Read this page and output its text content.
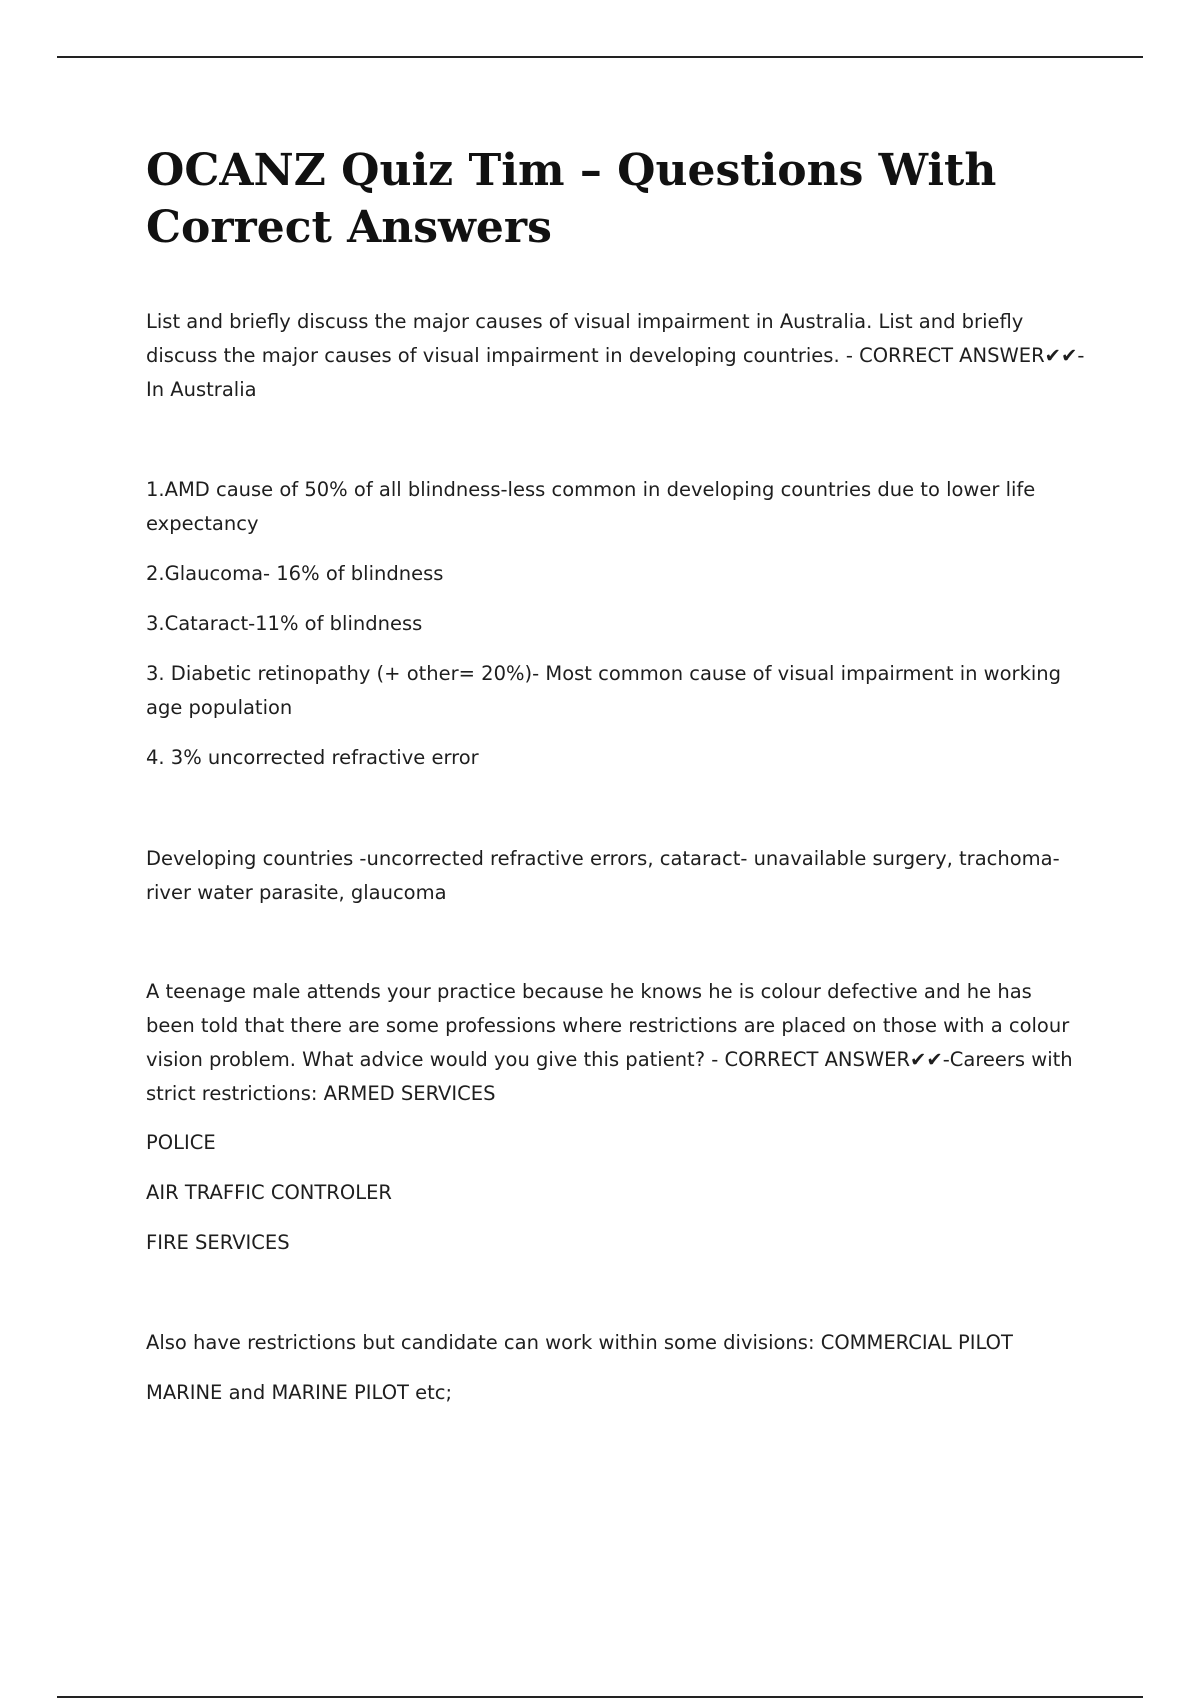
OCANZ Quiz Tim – Questions With Correct Answers

List and briefly discuss the major causes of visual impairment in Australia. List and briefly discuss the major causes of visual impairment in developing countries. - CORRECT ANSWER✔✔-In Australia

1.AMD cause of 50% of all blindness-less common in developing countries due to lower life expectancy

2.Glaucoma- 16% of blindness

3.Cataract-11% of blindness

3. Diabetic retinopathy (+ other= 20%)- Most common cause of visual impairment in working age population

4. 3% uncorrected refractive error

Developing countries -uncorrected refractive errors, cataract- unavailable surgery, trachoma-river water parasite, glaucoma

A teenage male attends your practice because he knows he is colour defective and he has been told that there are some professions where restrictions are placed on those with a colour vision problem. What advice would you give this patient? - CORRECT ANSWER✔✔-Careers with strict restrictions: ARMED SERVICES

POLICE

AIR TRAFFIC CONTROLER

FIRE SERVICES

Also have restrictions but candidate can work within some divisions: COMMERCIAL PILOT

MARINE and MARINE PILOT etc;
